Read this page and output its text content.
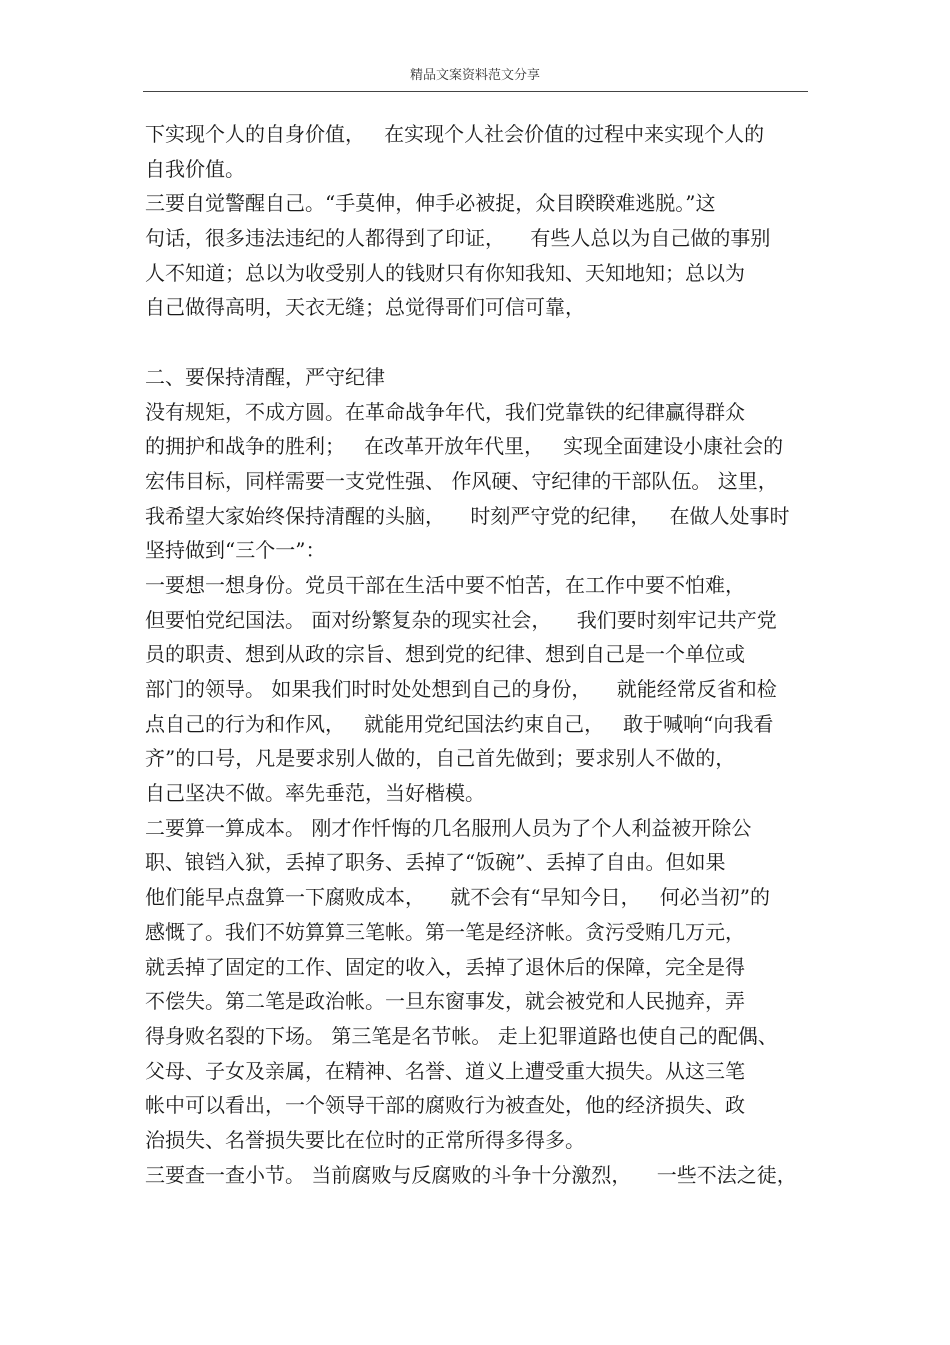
精品文案资料范文分享
下实现个人的自身价值，   在实现个人社会价值的过程中来实现个人的
自我价值。
三要自觉警醒自己。“手莫伸，伸手必被捉，众目睽睽难逃脱。”这
句话，很多违法违纪的人都得到了印证，    有些人总以为自己做的事别
人不知道；总以为收受别人的钱财只有你知我知、天知地知；总以为
自己做得高明，天衣无缝；总觉得哥们可信可靠，
二、要保持清醒，严守纪律
没有规矩，不成方圆。在革命战争年代，我们党靠铁的纪律赢得群众
的拥护和战争的胜利；   在改革开放年代里，   实现全面建设小康社会的
宏伟目标，同样需要一支党性强、 作风硬、守纪律的干部队伍。 这里，
我希望大家始终保持清醒的头脑，    时刻严守党的纪律，   在做人处事时
坚持做到“三个一”：
一要想一想身份。党员干部在生活中要不怕苦，在工作中要不怕难，
但要怕党纪国法。 面对纷繁复杂的现实社会，    我们要时刻牢记共产党
员的职责、想到从政的宗旨、想到党的纪律、想到自己是一个单位或
部门的领导。 如果我们时时处处想到自己的身份，    就能经常反省和检
点自己的行为和作风，   就能用党纪国法约束自己，   敢于喊响“向我看
齐”的口号，凡是要求别人做的，自己首先做到；要求别人不做的，
自己坚决不做。率先垂范，当好楷模。
二要算一算成本。 刚才作忏悔的几名服刑人员为了个人利益被开除公
职、锒铛入狱，丢掉了职务、丢掉了“饭碗”、丢掉了自由。但如果
他们能早点盘算一下腐败成本，    就不会有“早知今日，   何必当初”的
感慨了。我们不妨算算三笔帐。第一笔是经济帐。贪污受贿几万元，
就丢掉了固定的工作、固定的收入，丢掉了退休后的保障，完全是得
不偿失。第二笔是政治帐。一旦东窗事发，就会被党和人民抛弃，弄
得身败名裂的下场。 第三笔是名节帐。 走上犯罪道路也使自己的配偶、
父母、子女及亲属，在精神、名誉、道义上遭受重大损失。从这三笔
帐中可以看出，一个领导干部的腐败行为被查处，他的经济损失、政
治损失、名誉损失要比在位时的正常所得多得多。
三要查一查小节。 当前腐败与反腐败的斗争十分激烈，    一些不法之徒，
